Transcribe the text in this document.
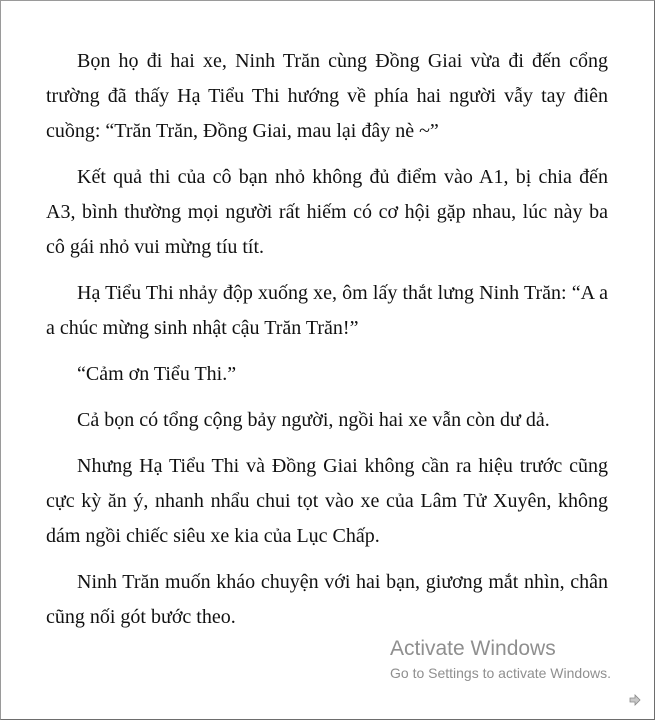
Bọn họ đi hai xe, Ninh Trăn cùng Đồng Giai vừa đi đến cổng trường đã thấy Hạ Tiểu Thi hướng về phía hai người vẫy tay điên cuồng: “Trăn Trăn, Đồng Giai, mau lại đây nè ~”

Kết quả thi của cô bạn nhỏ không đủ điểm vào A1, bị chia đến A3, bình thường mọi người rất hiếm có cơ hội gặp nhau, lúc này ba cô gái nhỏ vui mừng tíu tít.

Hạ Tiểu Thi nhảy độp xuống xe, ôm lấy thắt lưng Ninh Trăn: “A a a chúc mừng sinh nhật cậu Trăn Trăn!”

“Cảm ơn Tiểu Thi.”

Cả bọn có tổng cộng bảy người, ngồi hai xe vẫn còn dư dả.

Nhưng Hạ Tiểu Thi và Đồng Giai không cần ra hiệu trước cũng cực kỳ ăn ý, nhanh nhẩu chui tọt vào xe của Lâm Tử Xuyên, không dám ngồi chiếc siêu xe kia của Lục Chấp.

Ninh Trăn muốn kháo chuyện với hai bạn, giương mắt nhìn, chân cũng nối gót bước theo.

Activate Windows
Go to Settings to activate Windows.
